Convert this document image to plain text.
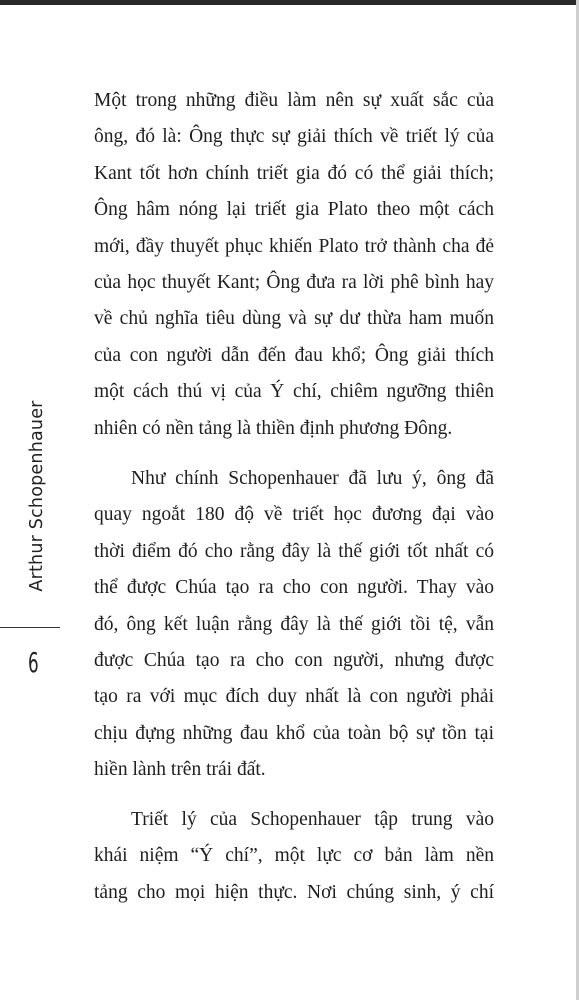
Arthur Schopenhauer
6
Một trong những điều làm nên sự xuất sắc của
ông, đó là: Ông thực sự giải thích về triết lý của
Kant tốt hơn chính triết gia đó có thể giải thích;
Ông hâm nóng lại triết gia Plato theo một cách
mới, đầy thuyết phục khiến Plato trở thành cha đẻ
của học thuyết Kant; Ông đưa ra lời phê bình hay
về chủ nghĩa tiêu dùng và sự dư thừa ham muốn
của con người dẫn đến đau khổ; Ông giải thích
một cách thú vị của Ý chí, chiêm ngưỡng thiên
nhiên có nền tảng là thiền định phương Đông.
Như chính Schopenhauer đã lưu ý, ông đã
quay ngoắt 180 độ về triết học đương đại vào
thời điểm đó cho rằng đây là thế giới tốt nhất có
thể được Chúa tạo ra cho con người. Thay vào
đó, ông kết luận rằng đây là thế giới tồi tệ, vẫn
được Chúa tạo ra cho con người, nhưng được
tạo ra với mục đích duy nhất là con người phải
chịu đựng những đau khổ của toàn bộ sự tồn tại
hiền lành trên trái đất.
Triết lý của Schopenhauer tập trung vào
khái niệm “Ý chí”, một lực cơ bản làm nền
tảng cho mọi hiện thực. Nơi chúng sinh, ý chí
